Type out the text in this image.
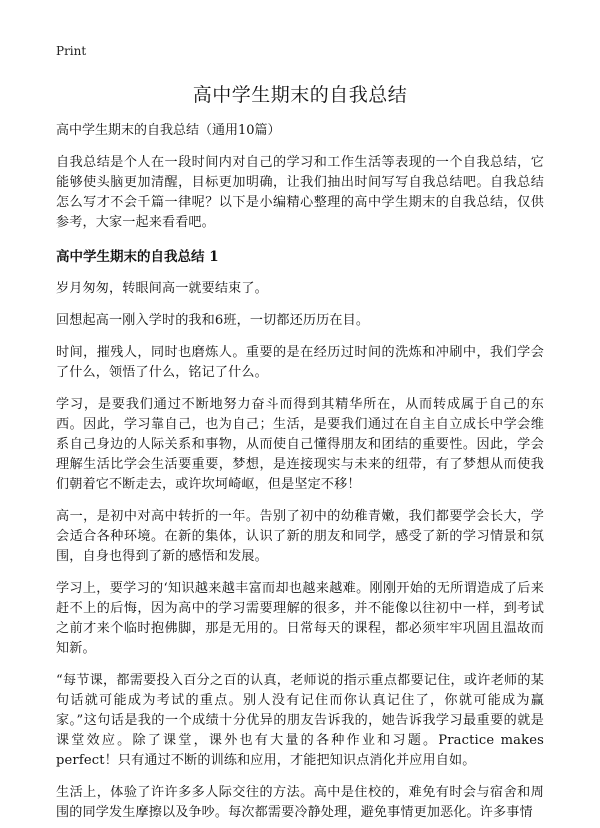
Print
高中学生期末的自我总结
高中学生期末的自我总结（通用10篇）

自我总结是个人在一段时间内对自己的学习和工作生活等表现的一个自我总结，它能够使头脑更加清醒，目标更加明确，让我们抽出时间写写自我总结吧。自我总结怎么写才不会千篇一律呢？以下是小编精心整理的高中学生期末的自我总结，仅供参考，大家一起来看看吧。

高中学生期末的自我总结 1

岁月匆匆，转眼间高一就要结束了。

回想起高一刚入学时的我和6班，一切都还历历在目。

时间，摧残人，同时也磨炼人。重要的是在经历过时间的洗炼和冲刷中，我们学会了什么，领悟了什么，铭记了什么。

学习，是要我们通过不断地努力奋斗而得到其精华所在，从而转成属于自己的东西。因此，学习靠自己，也为自己；生活，是要我们通过在自主自立成长中学会维系自己身边的人际关系和事物，从而使自己懂得朋友和团结的重要性。因此，学会理解生活比学会生活要重要，梦想，是连接现实与未来的纽带，有了梦想从而使我们朝着它不断走去，或许坎坷崎岖，但是坚定不移！

高一，是初中对高中转折的一年。告别了初中的幼稚青嫩，我们都要学会长大，学会适合各种环境。在新的集体，认识了新的朋友和同学，感受了新的学习情景和氛围，自身也得到了新的感悟和发展。

学习上，要学习的‘知识越来越丰富而却也越来越难。刚刚开始的无所谓造成了后来赶不上的后悔，因为高中的学习需要理解的很多，并不能像以往初中一样，到考试之前才来个临时抱佛脚，那是无用的。日常每天的课程，都必须牢牢巩固且温故而知新。

“每节课，都需要投入百分之百的认真，老师说的指示重点都要记住，或许老师的某句话就可能成为考试的重点。别人没有记住而你认真记住了，你就可能成为赢家。”这句话是我的一个成绩十分优异的朋友告诉我的，她告诉我学习最重要的就是课堂效应。除了课堂，课外也有大量的各种作业和习题。Practice makes perfect！只有通过不断的训练和应用，才能把知识点消化并应用自如。

生活上，体验了许许多多人际交往的方法。高中是住校的，难免有时会与宿舍和周围的同学发生摩擦以及争吵。每次都需要冷静处理，避免事情更加恶化。许多事情
